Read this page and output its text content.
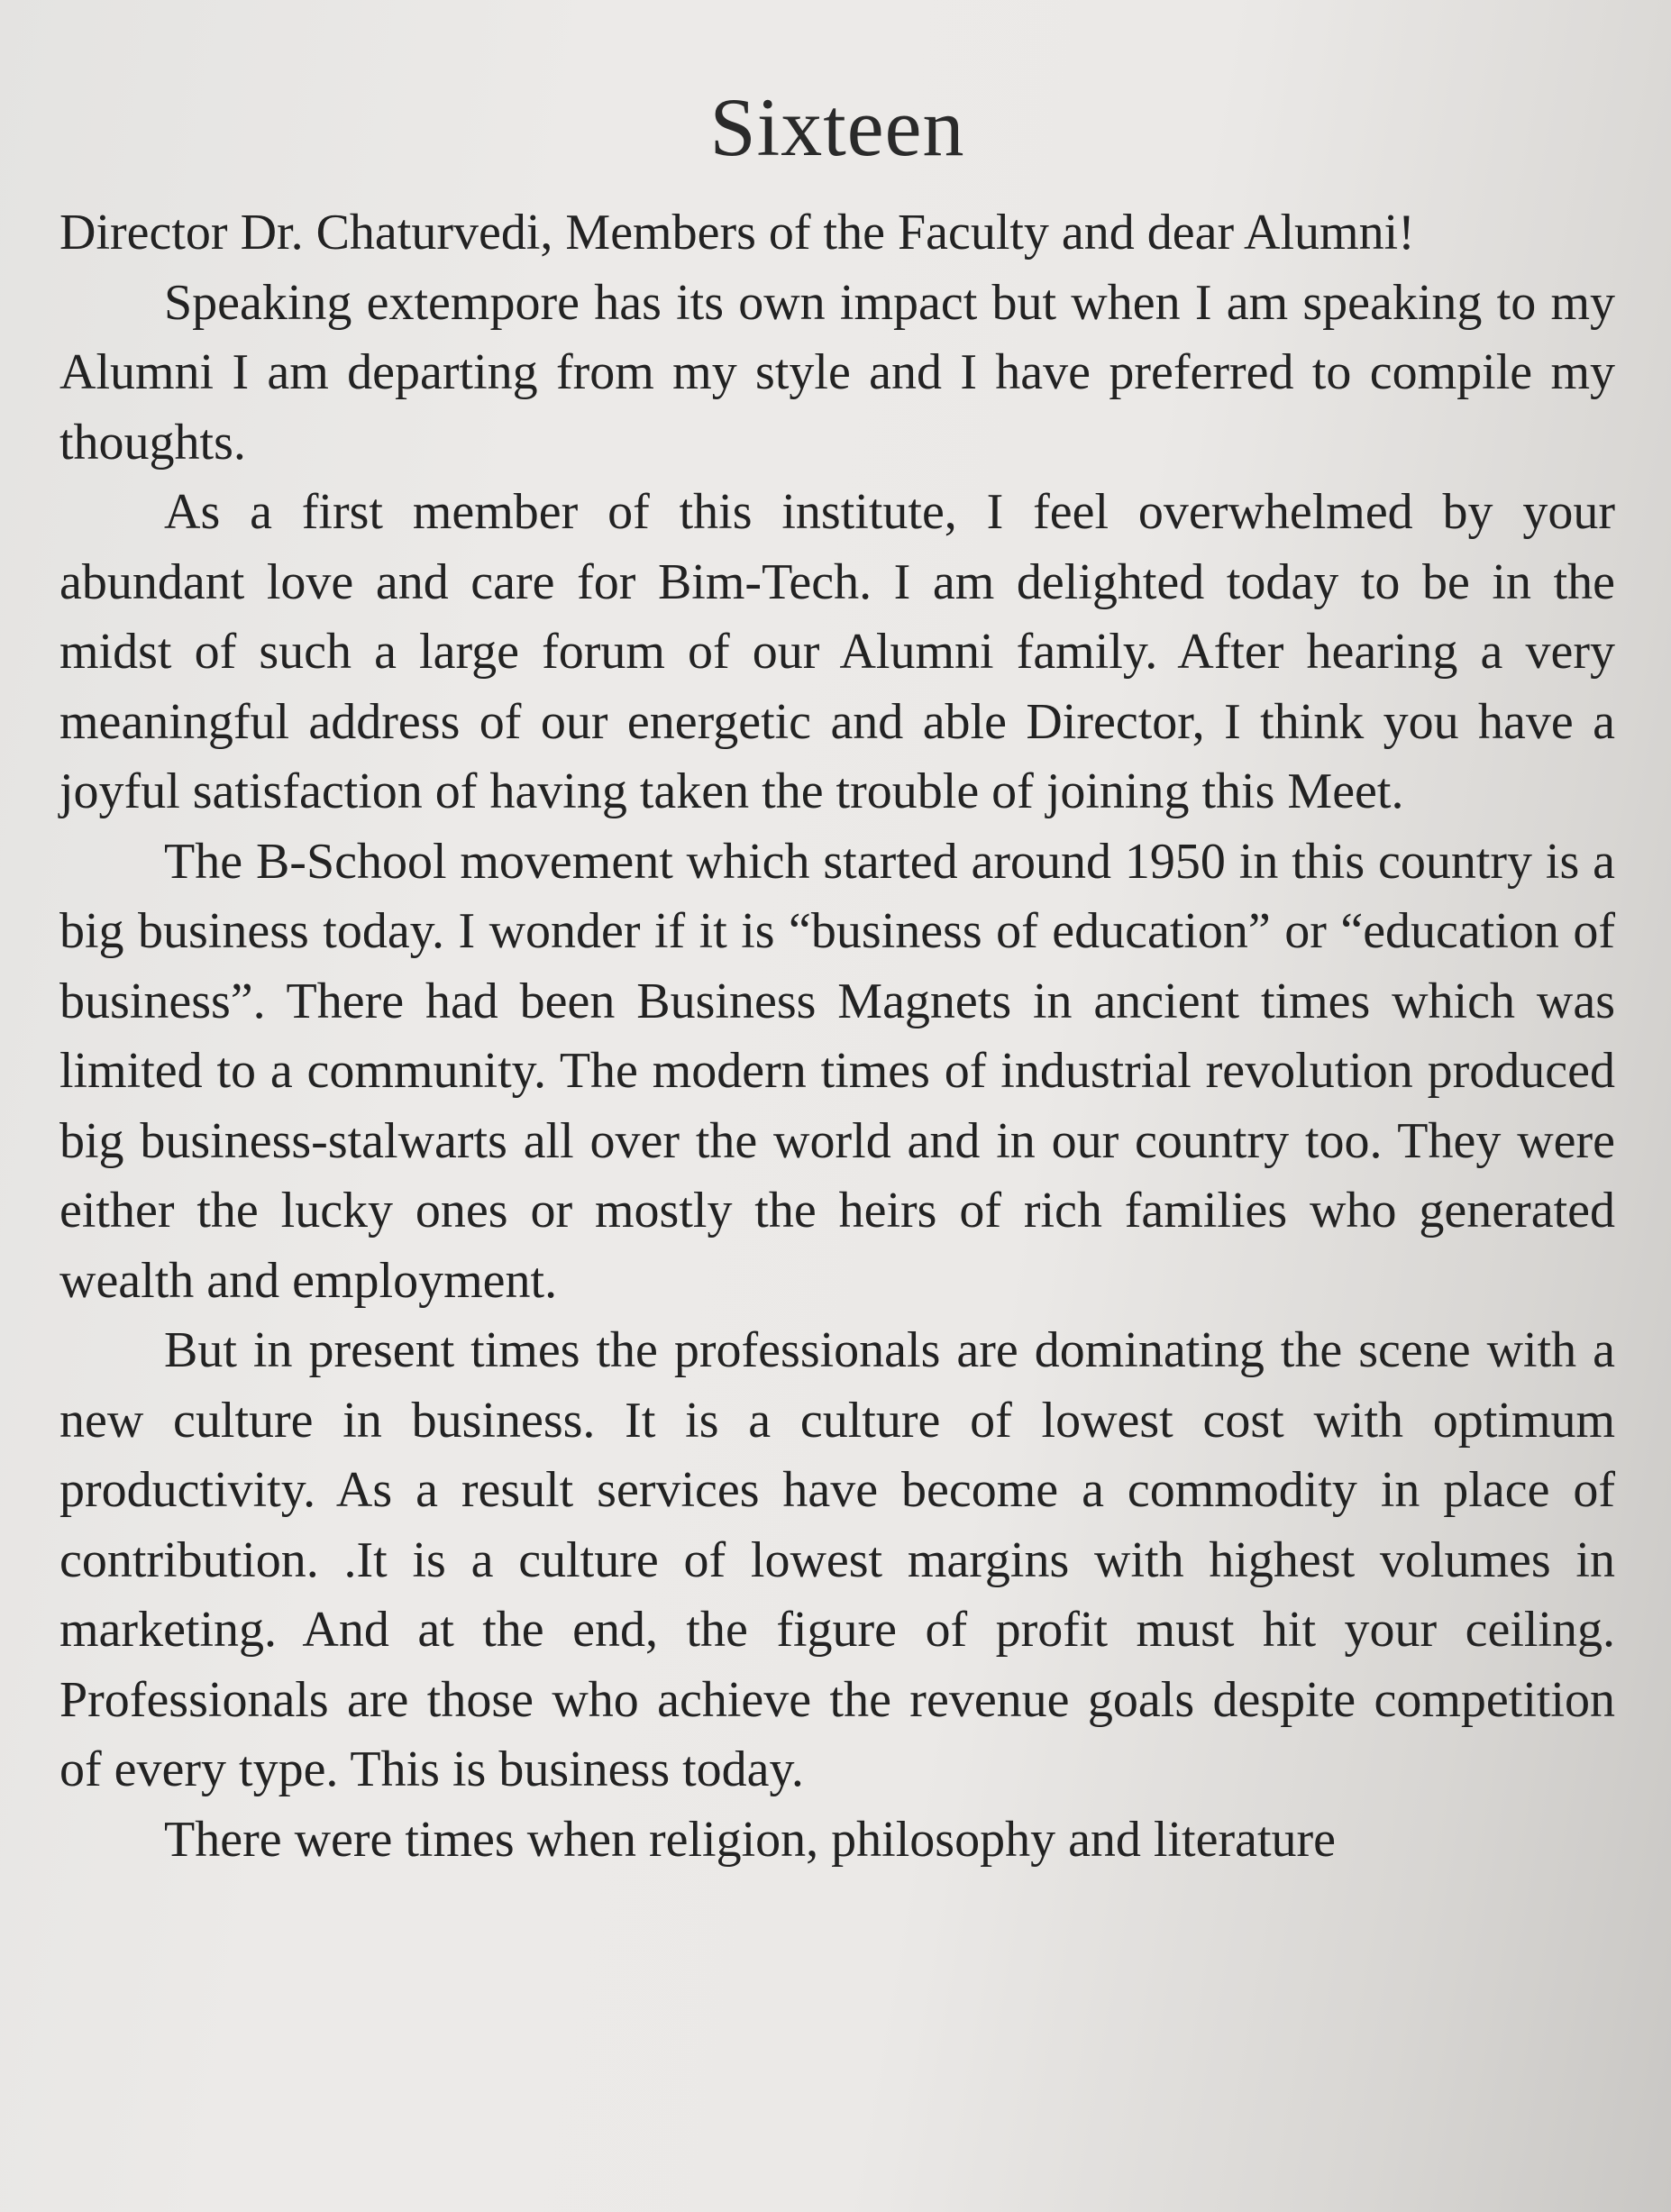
Sixteen

Director Dr. Chaturvedi, Members of the Faculty and dear Alumni!

Speaking extempore has its own impact but when I am speaking to my Alumni I am departing from my style and I have preferred to compile my thoughts.

As a first member of this institute, I feel overwhelmed by your abundant love and care for Bim-Tech. I am delighted today to be in the midst of such a large forum of our Alumni family. After hearing a very meaningful address of our energetic and able Director, I think you have a joyful satisfaction of having taken the trouble of joining this Meet.

The B-School movement which started around 1950 in this country is a big business today. I wonder if it is “business of education” or “education of business”. There had been Business Magnets in ancient times which was limited to a community. The modern times of industrial revolution produced big business-stalwarts all over the world and in our country too. They were either the lucky ones or mostly the heirs of rich families who generated wealth and employment.

But in present times the professionals are dominating the scene with a new culture in business. It is a culture of lowest cost with optimum productivity. As a result services have become a commodity in place of contribution. .It is a culture of lowest margins with highest volumes in marketing. And at the end, the figure of profit must hit your ceiling. Professionals are those who achieve the revenue goals despite competition of every type. This is business today.

There were times when religion, philosophy and literature
